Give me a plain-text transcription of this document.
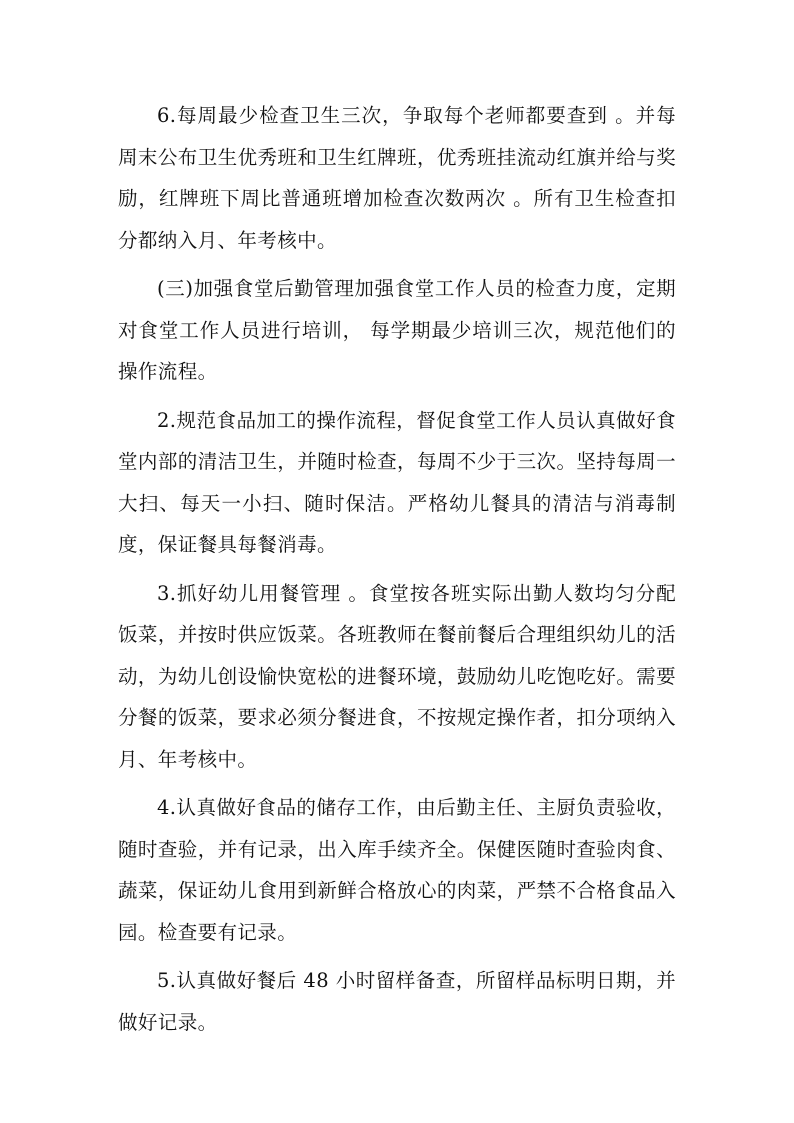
6.每周最少检查卫生三次，争取每个老师都要查到 。并每周末公布卫生优秀班和卫生红牌班，优秀班挂流动红旗并给与奖励，红牌班下周比普通班增加检查次数两次 。所有卫生检查扣分都纳入月、年考核中。

(三)加强食堂后勤管理加强食堂工作人员的检查力度，定期对食堂工作人员进行培训， 每学期最少培训三次，规范他们的操作流程。

2.规范食品加工的操作流程，督促食堂工作人员认真做好食堂内部的清洁卫生，并随时检查，每周不少于三次。坚持每周一大扫、每天一小扫、随时保洁。严格幼儿餐具的清洁与消毒制度，保证餐具每餐消毒。

3.抓好幼儿用餐管理 。食堂按各班实际出勤人数均匀分配饭菜，并按时供应饭菜。各班教师在餐前餐后合理组织幼儿的活动，为幼儿创设愉快宽松的进餐环境，鼓励幼儿吃饱吃好。需要分餐的饭菜，要求必须分餐进食，不按规定操作者，扣分项纳入月、年考核中。

4.认真做好食品的储存工作，由后勤主任、主厨负责验收，随时查验，并有记录，出入库手续齐全。保健医随时查验肉食、蔬菜，保证幼儿食用到新鲜合格放心的肉菜，严禁不合格食品入园。检查要有记录。

5.认真做好餐后 48 小时留样备查，所留样品标明日期，并做好记录。
